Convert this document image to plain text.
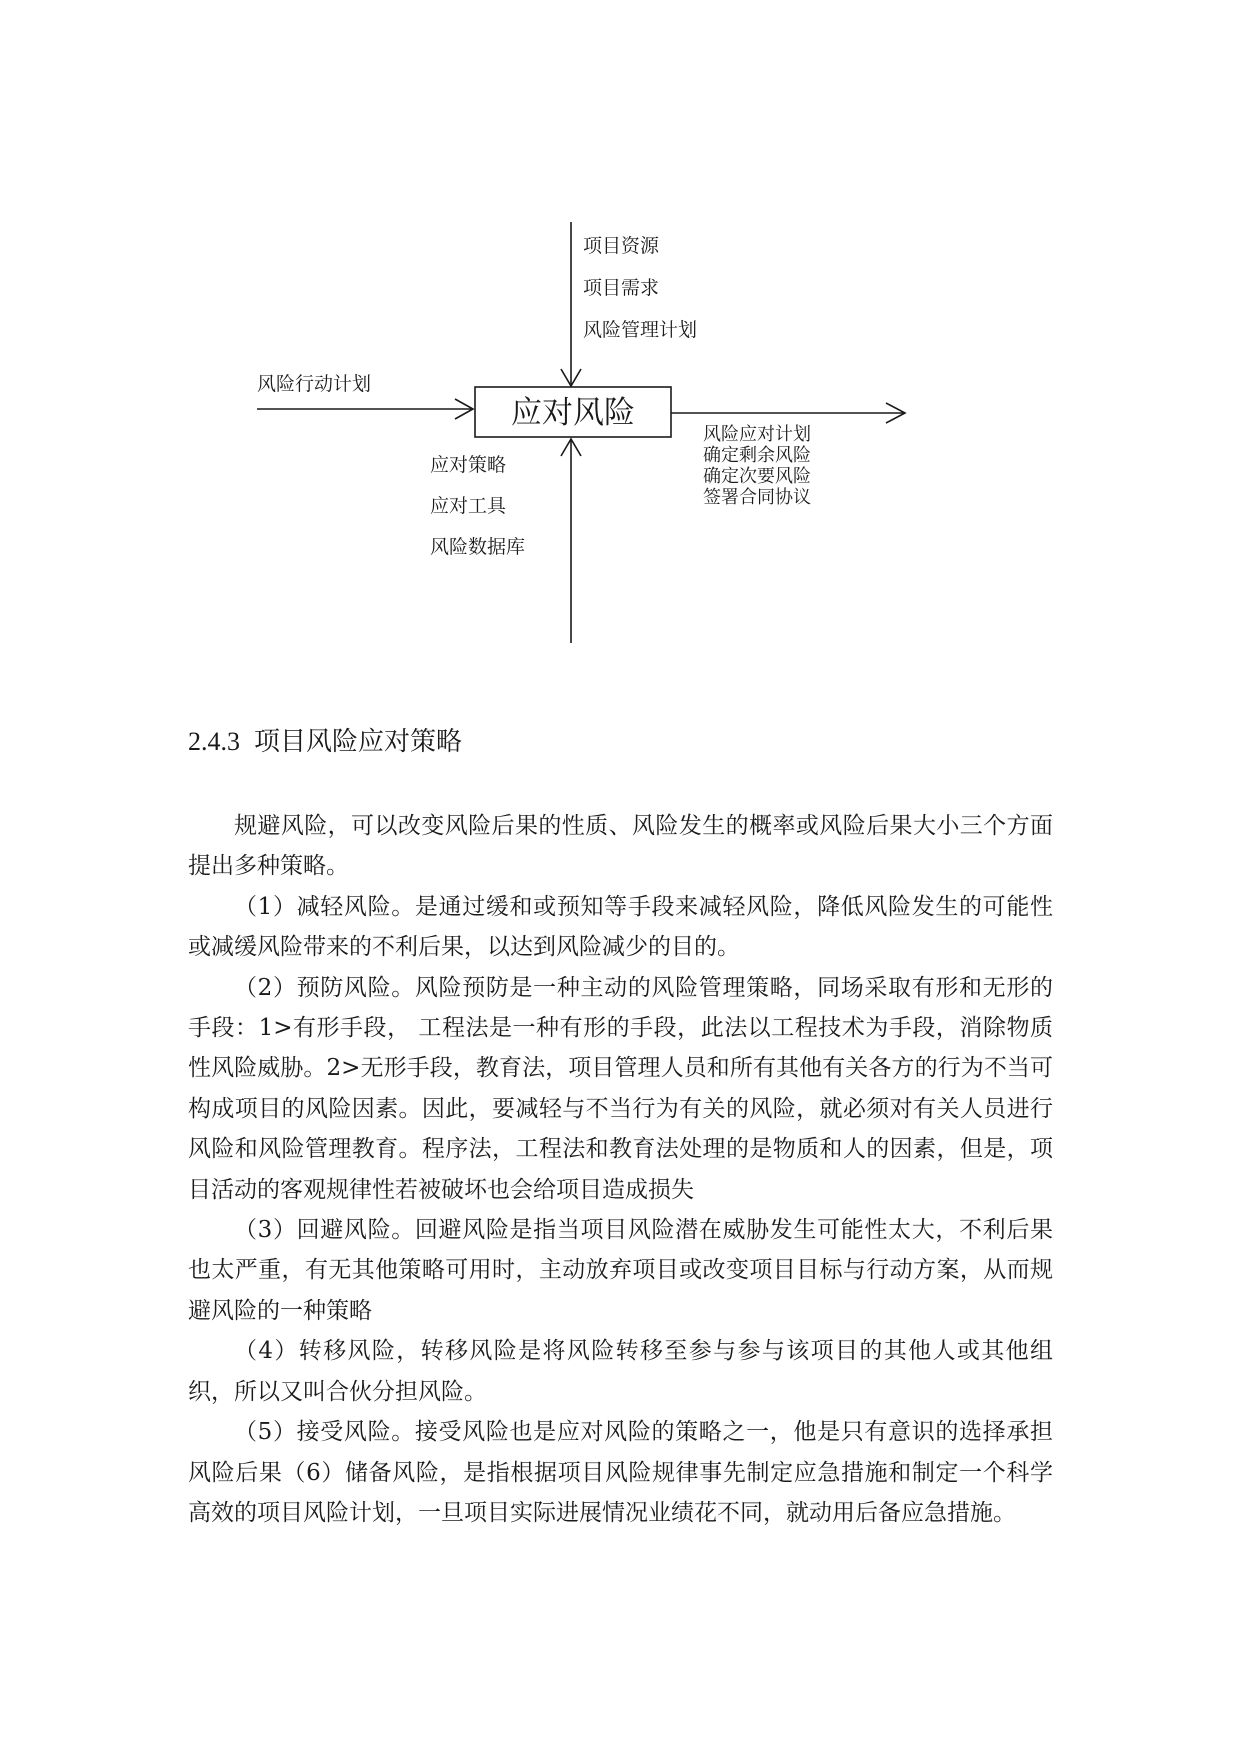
应对风险
项目资源
项目需求
风险管理计划
风险行动计划
应对策略
应对工具
风险数据库
风险应对计划
确定剩余风险
确定次要风险
签署合同协议
2.4.3 项目风险应对策略

规避风险，可以改变风险后果的性质、风险发生的概率或风险后果大小三个方面提出多种策略。

（1）减轻风险。是通过缓和或预知等手段来减轻风险，降低风险发生的可能性或减缓风险带来的不利后果，以达到风险减少的目的。

（2）预防风险。风险预防是一种主动的风险管理策略，同场采取有形和无形的手段：1>有形手段， 工程法是一种有形的手段，此法以工程技术为手段，消除物质性风险威胁。2>无形手段，教育法，项目管理人员和所有其他有关各方的行为不当可构成项目的风险因素。因此，要减轻与不当行为有关的风险，就必须对有关人员进行风险和风险管理教育。程序法，工程法和教育法处理的是物质和人的因素，但是，项目活动的客观规律性若被破坏也会给项目造成损失

（3）回避风险。回避风险是指当项目风险潜在威胁发生可能性太大，不利后果也太严重，有无其他策略可用时，主动放弃项目或改变项目目标与行动方案，从而规避风险的一种策略

（4）转移风险，转移风险是将风险转移至参与参与该项目的其他人或其他组织，所以又叫合伙分担风险。

（5）接受风险。接受风险也是应对风险的策略之一，他是只有意识的选择承担风险后果（6）储备风险，是指根据项目风险规律事先制定应急措施和制定一个科学高效的项目风险计划，一旦项目实际进展情况业绩花不同，就动用后备应急措施。
